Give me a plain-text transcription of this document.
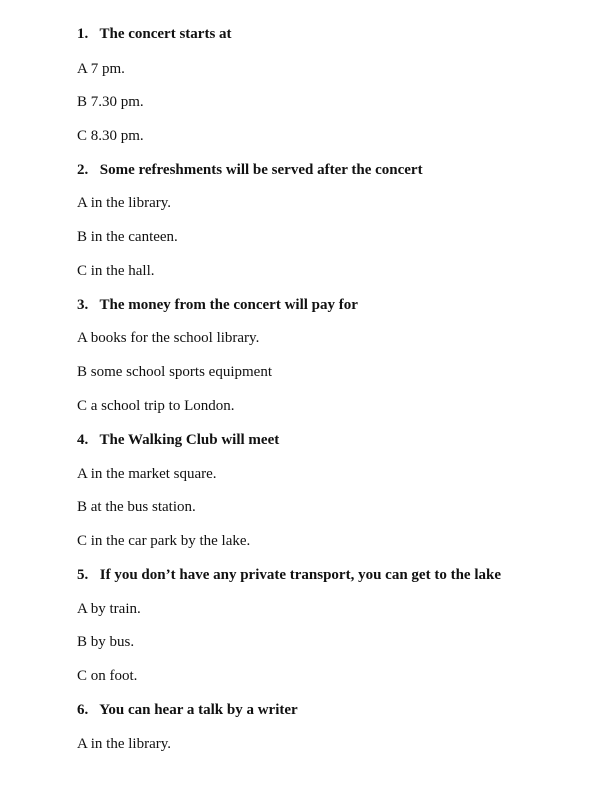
1. The concert starts at
A 7 pm.
B 7.30 pm.
C 8.30 pm.
2. Some refreshments will be served after the concert
A in the library.
B in the canteen.
C in the hall.
3. The money from the concert will pay for
A books for the school library.
B some school sports equipment
C a school trip to London.
4. The Walking Club will meet
A in the market square.
B at the bus station.
C in the car park by the lake.
5. If you don’t have any private transport, you can get to the lake
A by train.
B by bus.
C on foot.
6. You can hear a talk by a writer
A in the library.
